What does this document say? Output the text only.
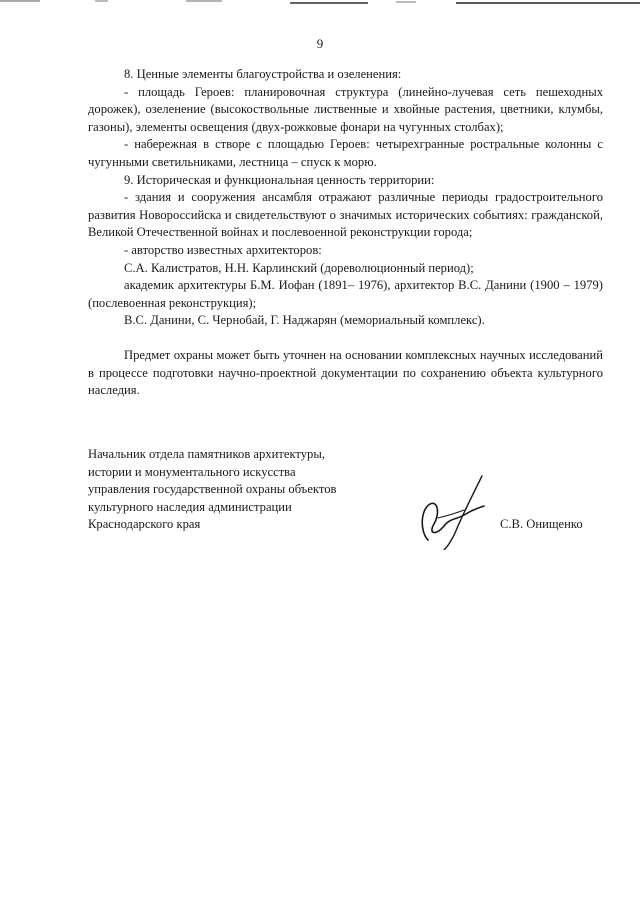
9

8. Ценные элементы благоустройства и озеленения:

- площадь Героев: планировочная структура (линейно-лучевая сеть пешеходных дорожек), озеленение (высокоствольные лиственные и хвойные растения, цветники, клумбы, газоны), элементы освещения (двух-рожковые фонари на чугунных столбах);

- набережная в створе с площадью Героев: четырехгранные ростральные колонны с чугунными светильниками, лестница – спуск к морю.

9. Историческая и функциональная ценность территории:

- здания и сооружения ансамбля отражают различные периоды градостроительного развития Новороссийска и свидетельствуют о значимых исторических событиях: гражданской, Великой Отечественной войнах и послевоенной реконструкции города;

- авторство известных архитекторов:

С.А. Калистратов, Н.Н. Карлинский (дореволюционный период);

академик архитектуры Б.М. Иофан (1891– 1976), архитектор В.С. Данини (1900 – 1979) (послевоенная реконструкция);

В.С. Данини, С. Чернобай, Г. Наджарян (мемориальный комплекс).

Предмет охраны может быть уточнен на основании комплексных научных исследований в процессе подготовки научно-проектной документации по сохранению объекта культурного наследия.

Начальник отдела памятников архитектуры,
истории и монументального искусства
управления государственной охраны объектов
культурного наследия администрации
Краснодарского края	С.В. Онищенко
